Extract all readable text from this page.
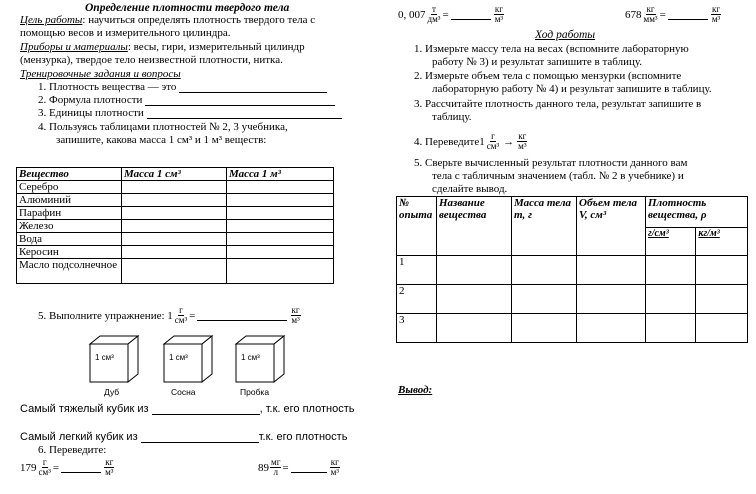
Определение плотности твердого тела
Цель работы: научиться определять плотность твердого тела с
помощью весов и измерительного цилиндра.
Приборы и материалы: весы, гири, измерительный цилиндр
(мензурка), твердое тело неизвестной плотности, нитка.
Тренировочные задания и вопросы
1. Плотность вещества — это
2. Формула плотности
3. Единицы плотности
4. Пользуясь таблицами плотностей № 2, 3 учебника,
запишите, какова масса 1 см³ и 1 м³ веществ:
Вещество	Масса 1 см³	Масса 1 м³
Серебро		
Алюминий		
Парафин		
Железо		
Вода		
Керосин		
Масло подсолнечное		
5. Выполните упражнение: $1 \frac{г}{\text{см³}}$ =	$\frac{кг}{\text{м³}}$
1 см³
Дуб
1 см³
Сосна
1 см³
Пробка
Самый тяжелый кубик из	, т.к. его плотность
Самый легкий кубик из	т.к. его плотность
6. Переведите:
$179 \frac{г}{\text{см³}}$ =	$\frac{кг}{\text{м³}}$	$89 \frac{мг}{л}$ =	$\frac{кг}{\text{м³}}$
0, $007 \frac{т}{\text{дм³}}$ =	$\frac{кг}{\text{м³}}$	$678 \frac{кг}{\text{мм³}}$ =	$\frac{кг}{\text{м³}}$
Ход работы
1. Измерьте массу тела на весах (вспомните лабораторную
работу № 3) и результат запишите в таблицу.
2. Измерьте объем тела с помощью мензурки (вспомните
лабораторную работу № 4) и результат запишите в таблицу.
3. Рассчитайте плотность данного тела, результат запишите в
таблицу.
4. Переведите1 $\frac{г}{\text{см³}} \to \frac{кг}{\text{м³}}$
5. Сверьте вычисленный результат плотности данного вам
тела с табличным значением (табл. № 2 в учебнике) и
сделайте вывод.
№ опыта	Название вещества	Масса тела m, г	Объем тела V, см³	Плотность вещества, ρ	
				г/см³	кг/м³
1					
2					
3					
Вывод:
